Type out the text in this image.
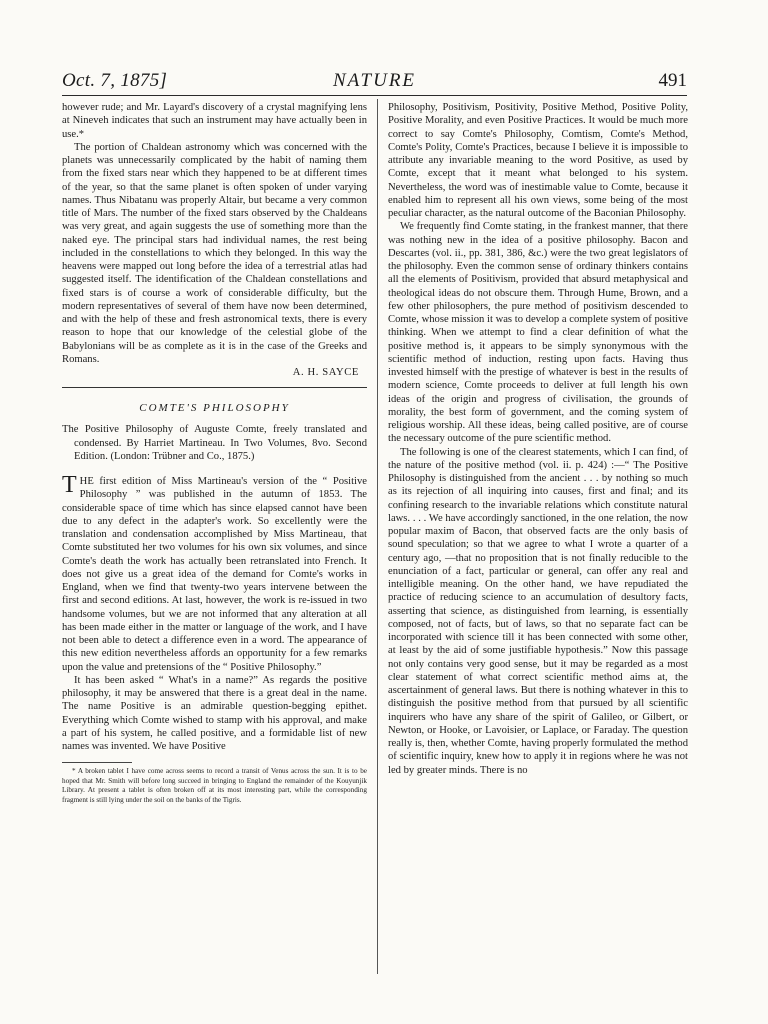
Oct. 7, 1875]	NATURE	491

however rude; and Mr. Layard's discovery of a crystal magnifying lens at Nineveh indicates that such an instrument may have actually been in use.*

The portion of Chaldean astronomy which was concerned with the planets was unnecessarily complicated by the habit of naming them from the fixed stars near which they happened to be at different times of the year, so that the same planet is often spoken of under varying names. Thus Nibatanu was properly Altair, but became a very common title of Mars. The number of the fixed stars observed by the Chaldeans was very great, and again suggests the use of something more than the naked eye. The principal stars had individual names, the rest being included in the constellations to which they belonged. In this way the heavens were mapped out long before the idea of a terrestrial atlas had suggested itself. The identification of the Chaldean constellations and fixed stars is of course a work of considerable difficulty, but the modern representatives of several of them have now been determined, and with the help of these and fresh astronomical texts, there is every reason to hope that our knowledge of the celestial globe of the Babylonians will be as complete as it is in the case of the Greeks and Romans.

A. H. SAYCE

COMTE'S PHILOSOPHY

The Positive Philosophy of Auguste Comte, freely translated and condensed. By Harriet Martineau. In Two Volumes, 8vo. Second Edition. (London: Trübner and Co., 1875.)

THE first edition of Miss Martineau's version of the “ Positive Philosophy ” was published in the autumn of 1853. The considerable space of time which has since elapsed cannot have been due to any defect in the adapter's work. So excellently were the translation and condensation accomplished by Miss Martineau, that Comte substituted her two volumes for his own six volumes, and since Comte's death the work has actually been retranslated into French. It does not give us a great idea of the demand for Comte's works in England, when we find that twenty-two years intervene between the first and second editions. At last, however, the work is re-issued in two handsome volumes, but we are not informed that any alteration at all has been made either in the matter or language of the work, and I have not been able to detect a difference even in a word. The appearance of this new edition nevertheless affords an opportunity for a few remarks upon the value and pretensions of the “ Positive Philosophy.”

It has been asked “ What's in a name?” As regards the positive philosophy, it may be answered that there is a great deal in the name. The name Positive is an admirable question-begging epithet. Everything which Comte wished to stamp with his approval, and make a part of his system, he called positive, and a formidable list of new names was invented. We have Positive

* A broken tablet I have come across seems to record a transit of Venus across the sun. It is to be hoped that Mr. Smith will before long succeed in bringing to England the remainder of the Kouyunjik Library. At present a tablet is often broken off at its most interesting part, while the corresponding fragment is still lying under the soil on the banks of the Tigris.

Philosophy, Positivism, Positivity, Positive Method, Positive Polity, Positive Morality, and even Positive Practices. It would be much more correct to say Comte's Philosophy, Comtism, Comte's Method, Comte's Polity, Comte's Practices, because I believe it is impossible to attribute any invariable meaning to the word Positive, as used by Comte, except that it meant what belonged to his system. Nevertheless, the word was of inestimable value to Comte, because it enabled him to represent all his own views, some being of the most peculiar character, as the natural outcome of the Baconian Philosophy.

We frequently find Comte stating, in the frankest manner, that there was nothing new in the idea of a positive philosophy. Bacon and Descartes (vol. ii., pp. 381, 386, &c.) were the two great legislators of the philosophy. Even the common sense of ordinary thinkers contains all the elements of Positivism, provided that absurd metaphysical and theological ideas do not obscure them. Through Hume, Brown, and a few other philosophers, the pure method of positivism descended to Comte, whose mission it was to develop a complete system of positive thinking. When we attempt to find a clear definition of what the positive method is, it appears to be simply synonymous with the scientific method of induction, resting upon facts. Having thus invested himself with the prestige of whatever is best in the results of modern science, Comte proceeds to deliver at full length his own ideas of the origin and progress of civilisation, the grounds of morality, the best form of government, and the coming system of religious worship. All these ideas, being called positive, are of course the necessary outcome of the pure scientific method.

The following is one of the clearest statements, which I can find, of the nature of the positive method (vol. ii. p. 424) :—“ The Positive Philosophy is distinguished from the ancient . . . by nothing so much as its rejection of all inquiring into causes, first and final; and its confining research to the invariable relations which constitute natural laws. . . . We have accordingly sanctioned, in the one relation, the now popular maxim of Bacon, that observed facts are the only basis of sound speculation; so that we agree to what I wrote a quarter of a century ago, —that no proposition that is not finally reducible to the enunciation of a fact, particular or general, can offer any real and intelligible meaning. On the other hand, we have repudiated the practice of reducing science to an accumulation of desultory facts, asserting that science, as distinguished from learning, is essentially composed, not of facts, but of laws, so that no separate fact can be incorporated with science till it has been connected with some other, at least by the aid of some justifiable hypothesis.” Now this passage not only contains very good sense, but it may be regarded as a most clear statement of what correct scientific method aims at, the ascertainment of general laws. But there is nothing whatever in this to distinguish the positive method from that pursued by all scientific inquirers who have any share of the spirit of Galileo, or Gilbert, or Newton, or Hooke, or Lavoisier, or Laplace, or Faraday. The question really is, then, whether Comte, having properly formulated the method of scientific inquiry, knew how to apply it in regions where he was not led by greater minds. There is no
